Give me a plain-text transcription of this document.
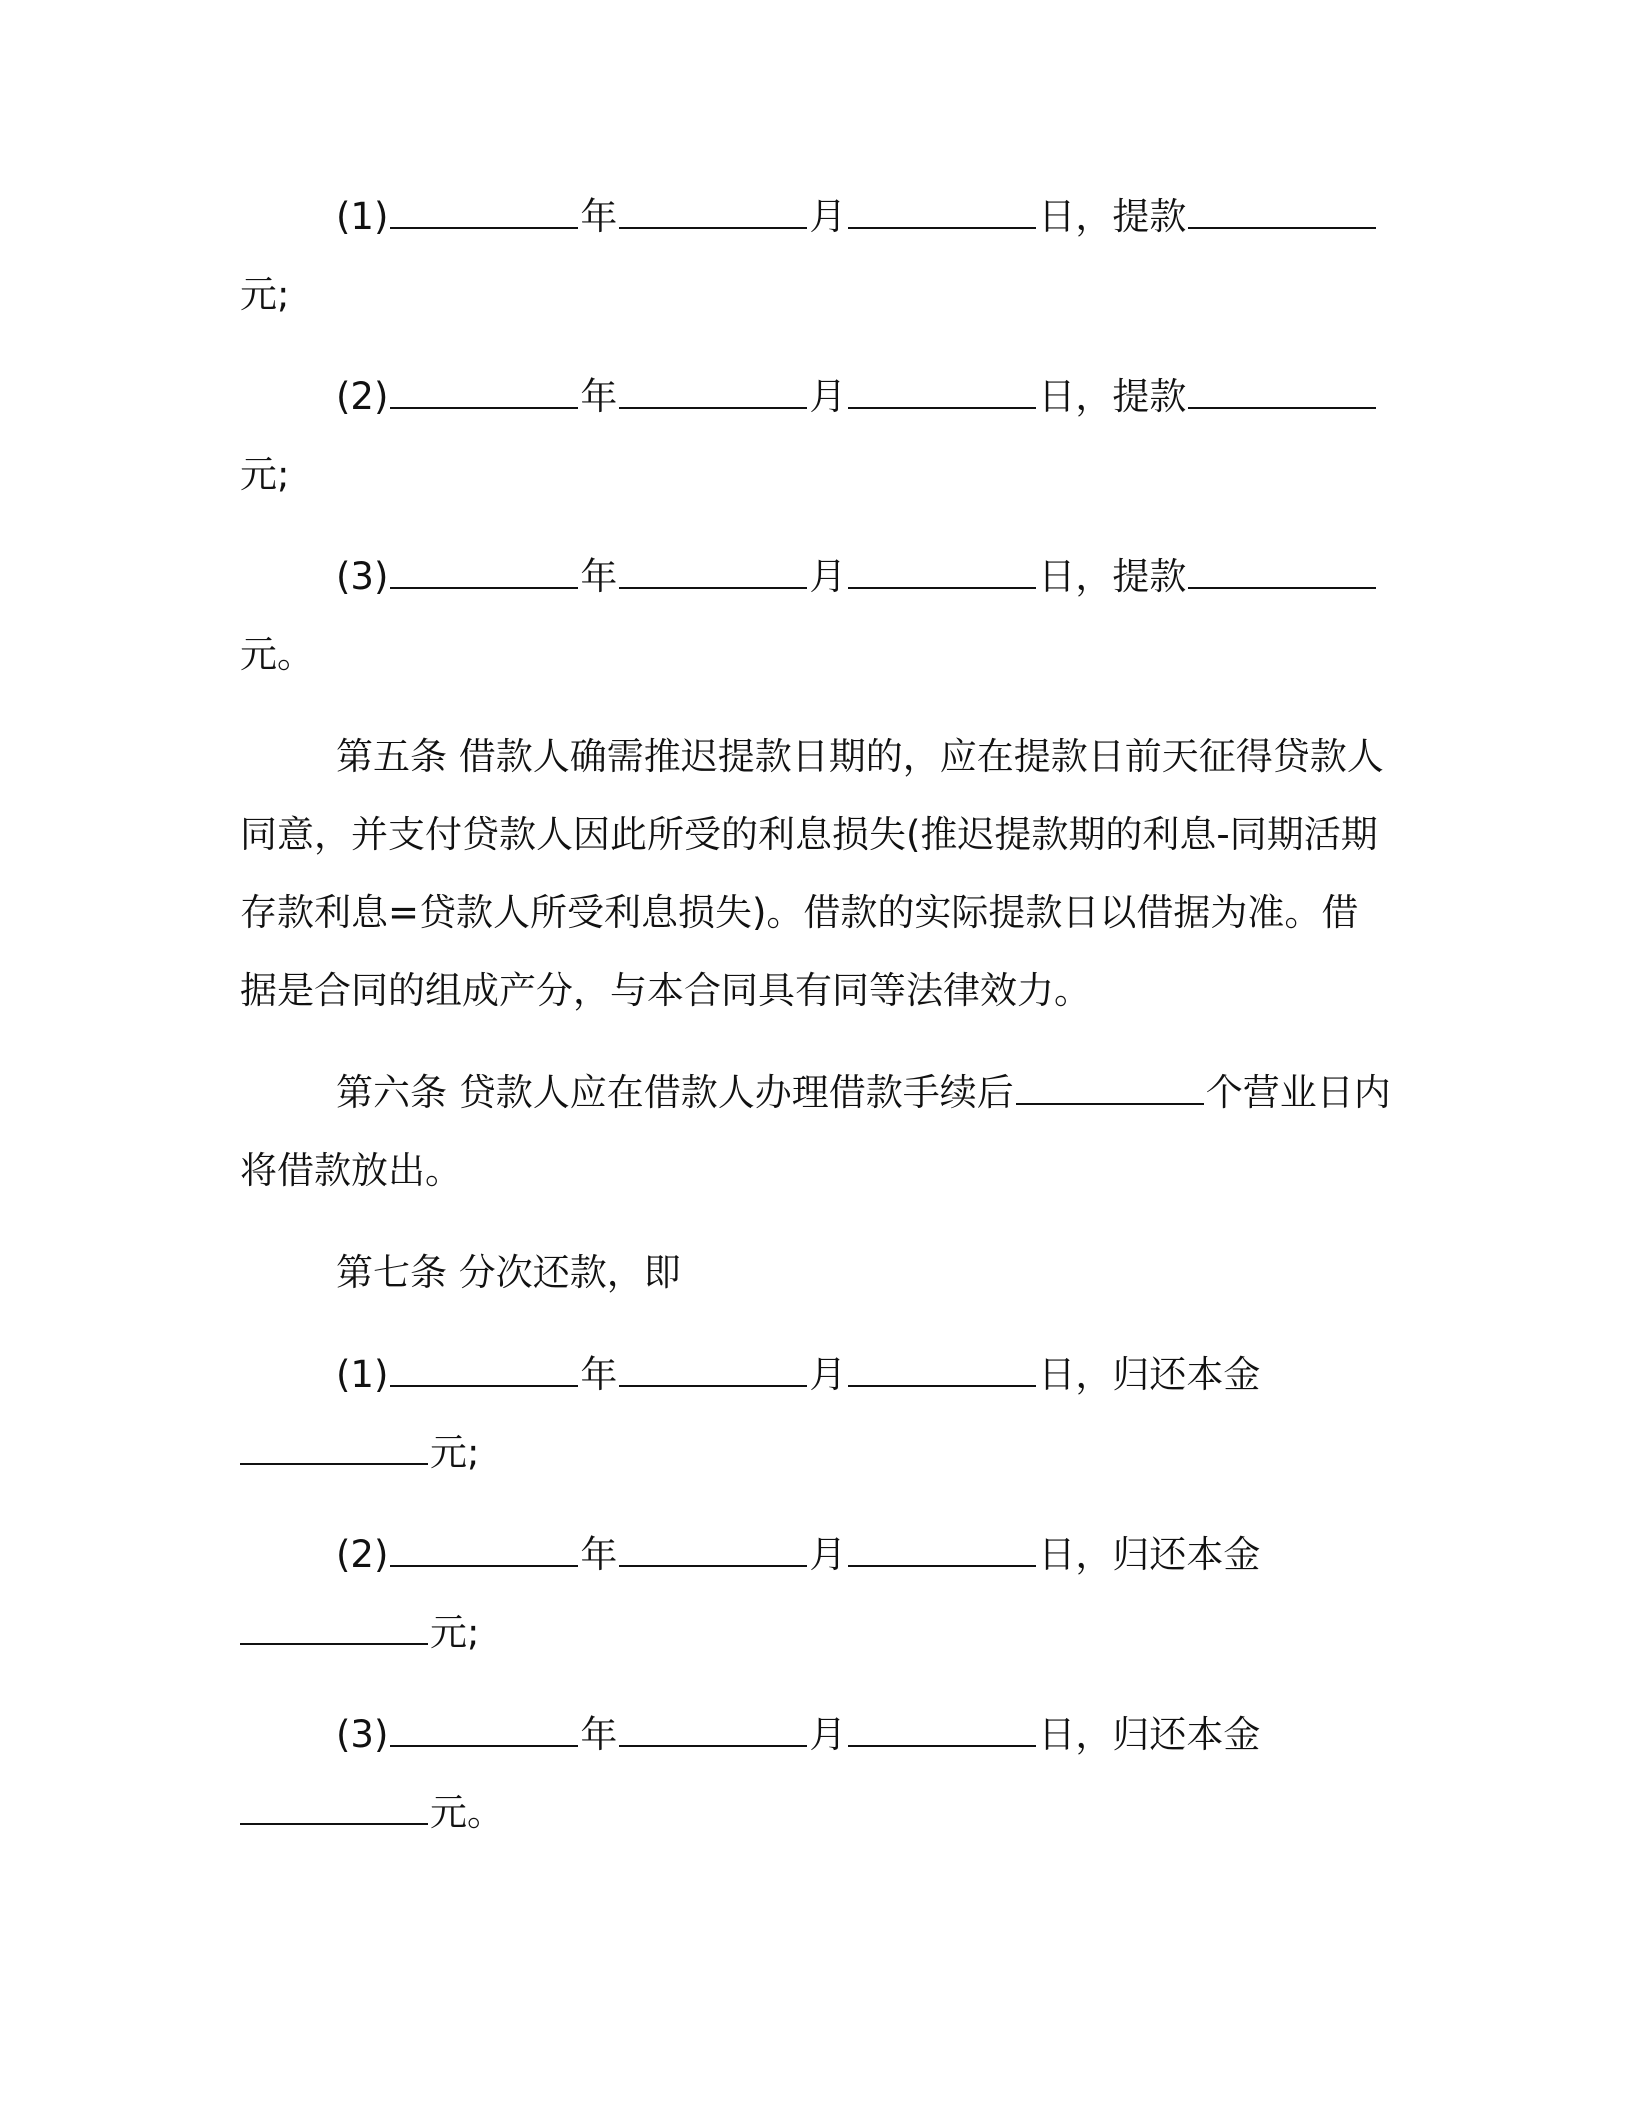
(1)	年	月	日，提款
元;
(2)	年	月	日，提款
元;
(3)	年	月	日，提款
元。
第五条 借款人确需推迟提款日期的，应在提款日前天征得贷款人
同意，并支付贷款人因此所受的利息损失(推迟提款期的利息-同期活期
存款利息=贷款人所受利息损失)。借款的实际提款日以借据为准。借
据是合同的组成产分，与本合同具有同等法律效力。
第六条 贷款人应在借款人办理借款手续后	个营业日内
将借款放出。
第七条 分次还款，即
(1)	年	月	日，归还本金
元;
(2)	年	月	日，归还本金
元;
(3)	年	月	日，归还本金
元。
